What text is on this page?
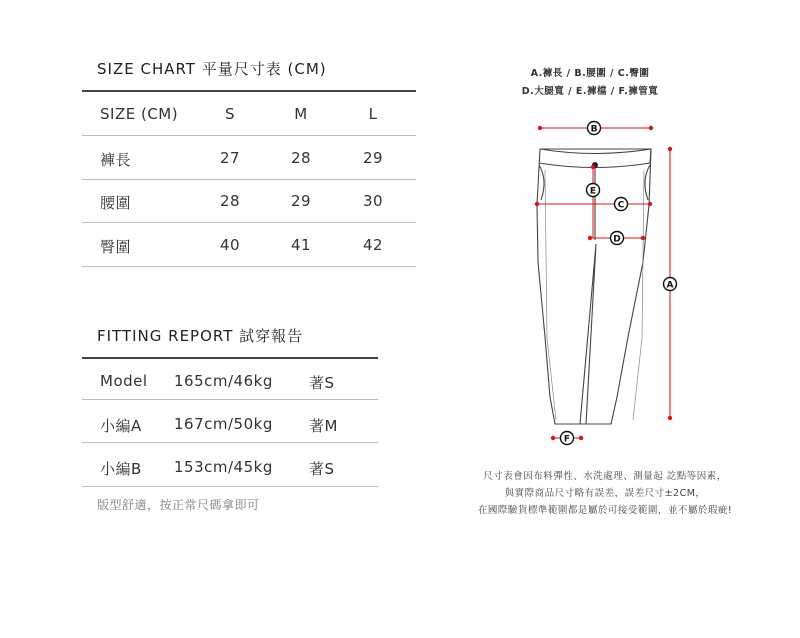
SIZE CHART 平量尺寸表 (CM)
SIZE (CM)	S	M	L
褲長	27	28	29
腰圍	28	29	30
臀圍	40	41	42
FITTING REPORT 試穿報告
Model 165cm/46kg 著S
小編A 167cm/50kg 著M
小編B 153cm/45kg 著S
版型舒適，按正常尺碼拿即可
A.褲長 / B.腰圍 / C.臀圍
D.大腿寬 / E.褲檔 / F.褲管寬
B
E
C
D
A
F
尺寸表會因布料彈性、水洗處理、測量起 訖點等因素，
與實際商品尺寸略有誤差，誤差尺寸±2CM，
在國際驗貨標準範圍都是屬於可接受範圍，並不屬於瑕疵!
